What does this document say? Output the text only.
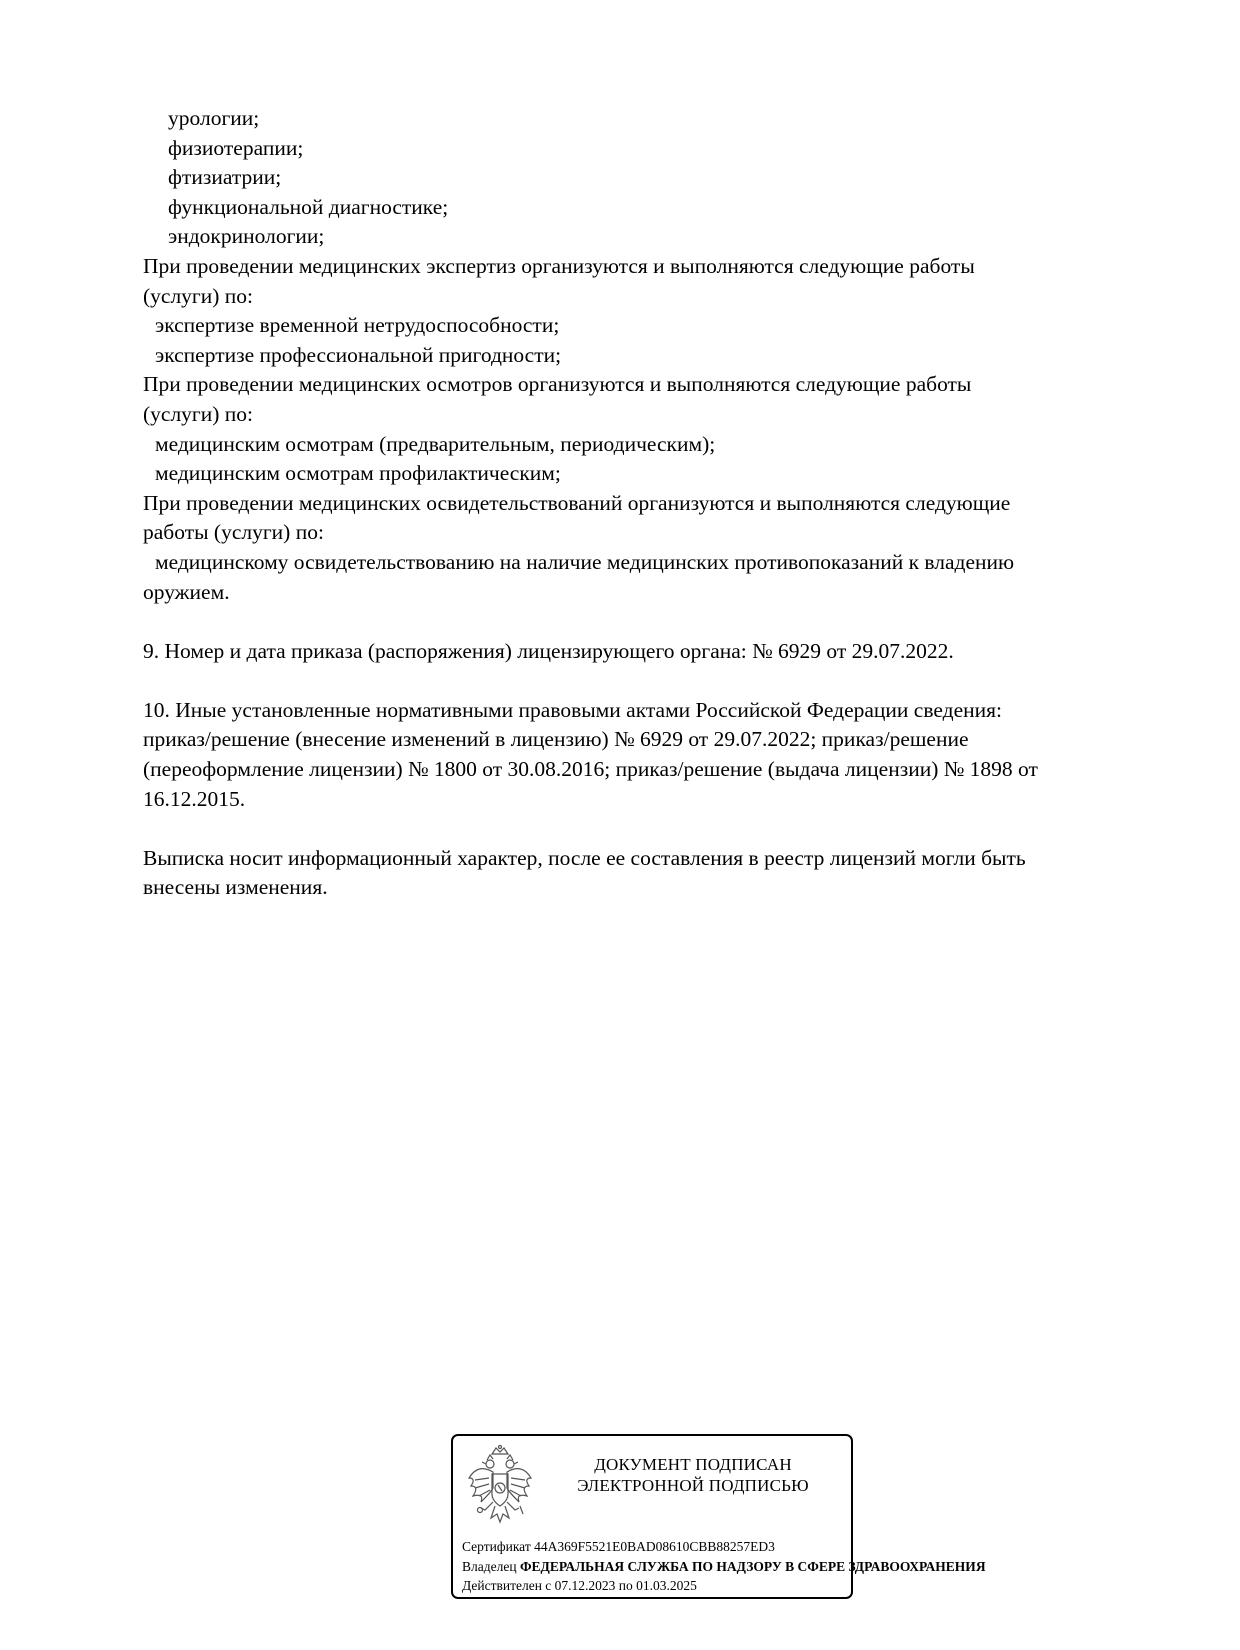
урологии;
физиотерапии;
фтизиатрии;
функциональной диагностике;
эндокринологии;
При проведении медицинских экспертиз организуются и выполняются следующие работы
(услуги) по:
экспертизе временной нетрудоспособности;
экспертизе профессиональной пригодности;
При проведении медицинских осмотров организуются и выполняются следующие работы
(услуги) по:
медицинским осмотрам (предварительным, периодическим);
медицинским осмотрам профилактическим;
При проведении медицинских освидетельствований организуются и выполняются следующие
работы (услуги) по:
медицинскому освидетельствованию на наличие медицинских противопоказаний к владению
оружием.
9. Номер и дата приказа (распоряжения) лицензирующего органа: № 6929 от 29.07.2022.
10. Иные установленные нормативными правовыми актами Российской Федерации сведения:
приказ/решение (внесение изменений в лицензию) № 6929 от 29.07.2022; приказ/решение
(переоформление лицензии) № 1800 от 30.08.2016; приказ/решение (выдача лицензии) № 1898 от
16.12.2015.
Выписка носит информационный характер, после ее составления в реестр лицензий могли быть
внесены изменения.
ДОКУМЕНТ ПОДПИСАН
ЭЛЕКТРОННОЙ ПОДПИСЬЮ
Сертификат 44A369F5521E0BAD08610CBB88257ED3
Владелец ФЕДЕРАЛЬНАЯ СЛУЖБА ПО НАДЗОРУ В СФЕРЕ ЗДРАВООХРАНЕНИЯ
Действителен с 07.12.2023 по 01.03.2025
